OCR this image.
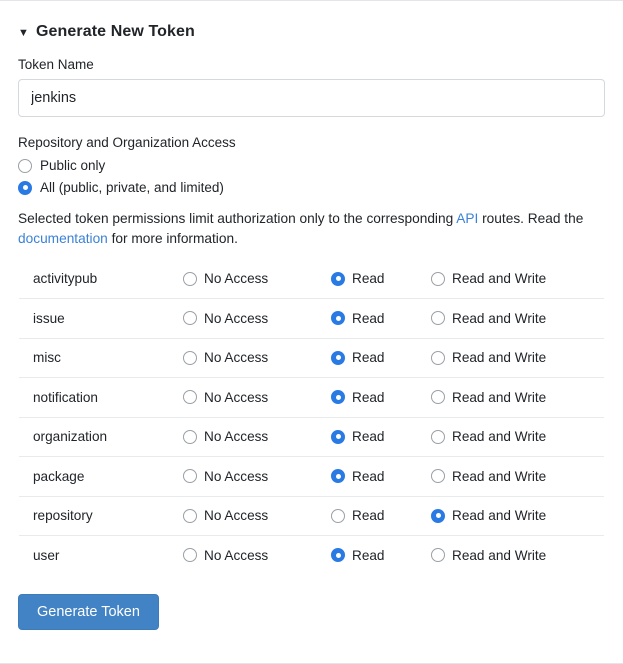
▼ Generate New Token
Token Name
jenkins
Repository and Organization Access
Public only
All (public, private, and limited)
Selected token permissions limit authorization only to the corresponding API routes. Read the documentation for more information.
activitypub	No Access	Read	Read and Write

issue	No Access	Read	Read and Write

misc	No Access	Read	Read and Write

notification	No Access	Read	Read and Write

organization	No Access	Read	Read and Write

package	No Access	Read	Read and Write

repository	No Access	Read	Read and Write

user	No Access	Read	Read and Write
Generate Token
